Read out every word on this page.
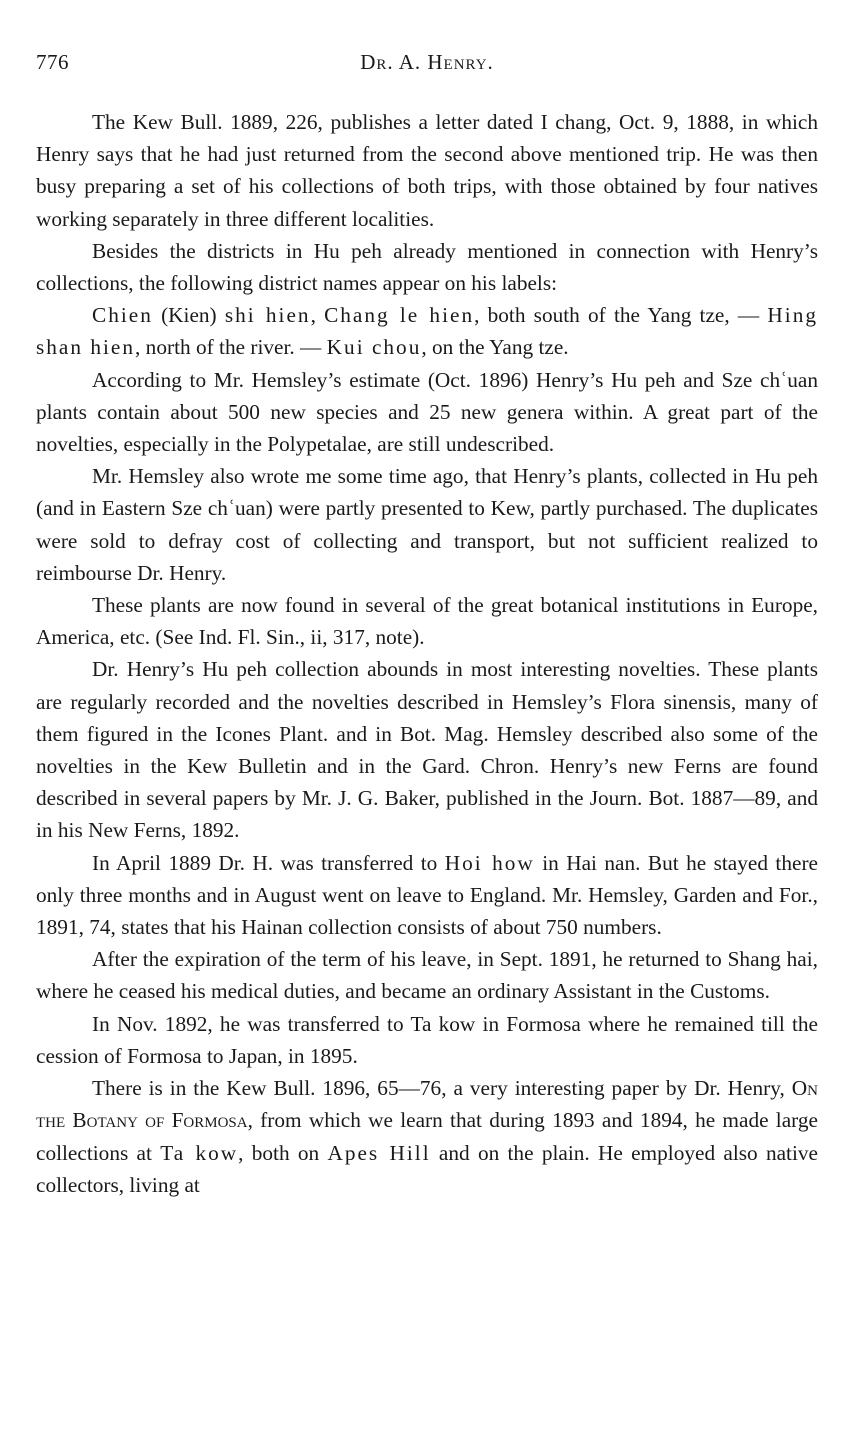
776	Dr. A. Henry.

The Kew Bull. 1889, 226, publishes a letter dated I chang, Oct. 9, 1888, in which Henry says that he had just returned from the second above mentioned trip. He was then busy preparing a set of his collections of both trips, with those obtained by four natives working separately in three different localities.

Besides the districts in Hu peh already mentioned in connection with Henry’s collections, the following district names appear on his labels:

Chien (Kien) shi hien, Chang le hien, both south of the Yang tze, — Hing shan hien, north of the river. — Kui chou, on the Yang tze.

According to Mr. Hemsley’s estimate (Oct. 1896) Henry’s Hu peh and Sze chʿuan plants contain about 500 new species and 25 new genera within. A great part of the novelties, especially in the Polypetalae, are still undescribed.

Mr. Hemsley also wrote me some time ago, that Henry’s plants, collected in Hu peh (and in Eastern Sze chʿuan) were partly presented to Kew, partly purchased. The duplicates were sold to defray cost of collecting and transport, but not sufficient realized to reimbourse Dr. Henry.

These plants are now found in several of the great botanical institutions in Europe, America, etc. (See Ind. Fl. Sin., ii, 317, note).

Dr. Henry’s Hu peh collection abounds in most interesting novelties. These plants are regularly recorded and the novelties described in Hemsley’s Flora sinensis, many of them figured in the Icones Plant. and in Bot. Mag. Hemsley described also some of the novelties in the Kew Bulletin and in the Gard. Chron. Henry’s new Ferns are found described in several papers by Mr. J. G. Baker, published in the Journ. Bot. 1887—89, and in his New Ferns, 1892.

In April 1889 Dr. H. was transferred to Hoi how in Hai nan. But he stayed there only three months and in August went on leave to England. Mr. Hemsley, Garden and For., 1891, 74, states that his Hainan collection consists of about 750 numbers.

After the expiration of the term of his leave, in Sept. 1891, he returned to Shang hai, where he ceased his medical duties, and became an ordinary Assistant in the Customs.

In Nov. 1892, he was transferred to Ta kow in Formosa where he remained till the cession of Formosa to Japan, in 1895.

There is in the Kew Bull. 1896, 65—76, a very interesting paper by Dr. Henry, On the Botany of Formosa, from which we learn that during 1893 and 1894, he made large collections at Ta kow, both on Apes Hill and on the plain. He employed also native collectors, living at
